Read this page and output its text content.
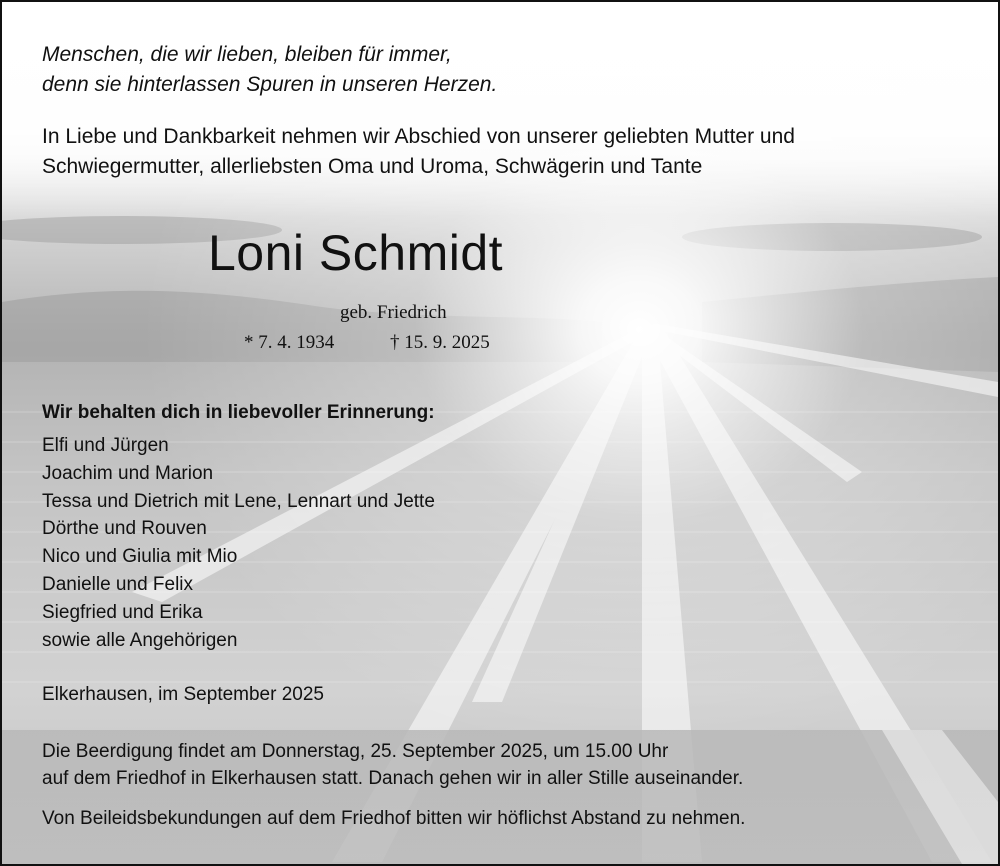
Menschen, die wir lieben, bleiben für immer,
denn sie hinterlassen Spuren in unseren Herzen.

In Liebe und Dankbarkeit nehmen wir Abschied von unserer geliebten Mutter und
Schwiegermutter, allerliebsten Oma und Uroma, Schwägerin und Tante

Loni Schmidt
geb. Friedrich
* 7. 4. 1934	† 15. 9. 2025
Wir behalten dich in liebevoller Erinnerung:
Elfi und Jürgen
Joachim und Marion
Tessa und Dietrich mit Lene, Lennart und Jette
Dörthe und Rouven
Nico und Giulia mit Mio
Danielle und Felix
Siegfried und Erika
sowie alle Angehörigen
Elkerhausen, im September 2025

Die Beerdigung findet am Donnerstag, 25. September 2025, um 15.00 Uhr
auf dem Friedhof in Elkerhausen statt. Danach gehen wir in aller Stille auseinander.

Von Beileidsbekundungen auf dem Friedhof bitten wir höflichst Abstand zu nehmen.
